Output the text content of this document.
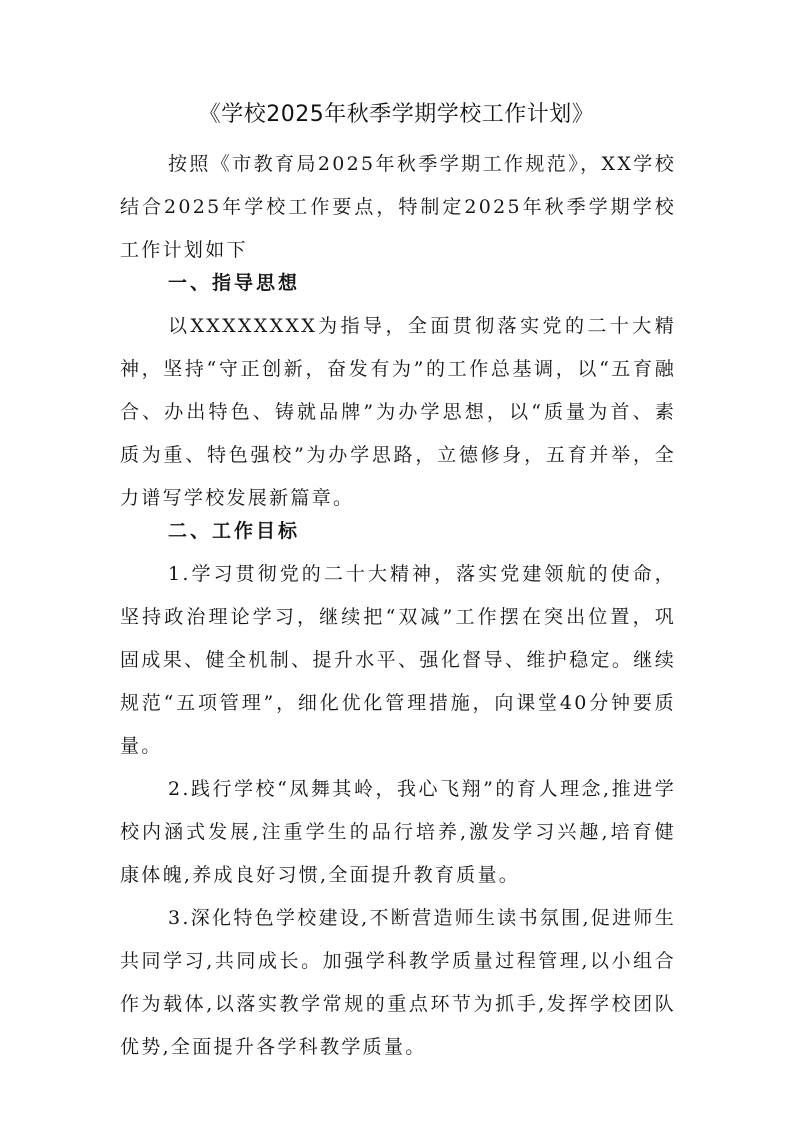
《学校2025年秋季学期学校工作计划》

按照《市教育局2025年秋季学期工作规范》，XX学校结合2025年学校工作要点，特制定2025年秋季学期学校工作计划如下

一、指导思想

以XXXXXXXX为指导，全面贯彻落实党的二十大精神，坚持“守正创新，奋发有为”的工作总基调，以“五育融合、办出特色、铸就品牌”为办学思想，以“质量为首、素质为重、特色强校”为办学思路，立德修身，五育并举，全力谱写学校发展新篇章。

二、工作目标

1.学习贯彻党的二十大精神，落实党建领航的使命，坚持政治理论学习，继续把“双减”工作摆在突出位置，巩固成果、健全机制、提升水平、强化督导、维护稳定。继续规范“五项管理”，细化优化管理措施，向课堂40分钟要质量。

2.践行学校“凤舞其岭，我心飞翔”的育人理念,推进学校内涵式发展,注重学生的品行培养,激发学习兴趣,培育健康体魄,养成良好习惯,全面提升教育质量。

3.深化特色学校建设,不断营造师生读书氛围,促进师生共同学习,共同成长。加强学科教学质量过程管理,以小组合作为载体,以落实教学常规的重点环节为抓手,发挥学校团队优势,全面提升各学科教学质量。
